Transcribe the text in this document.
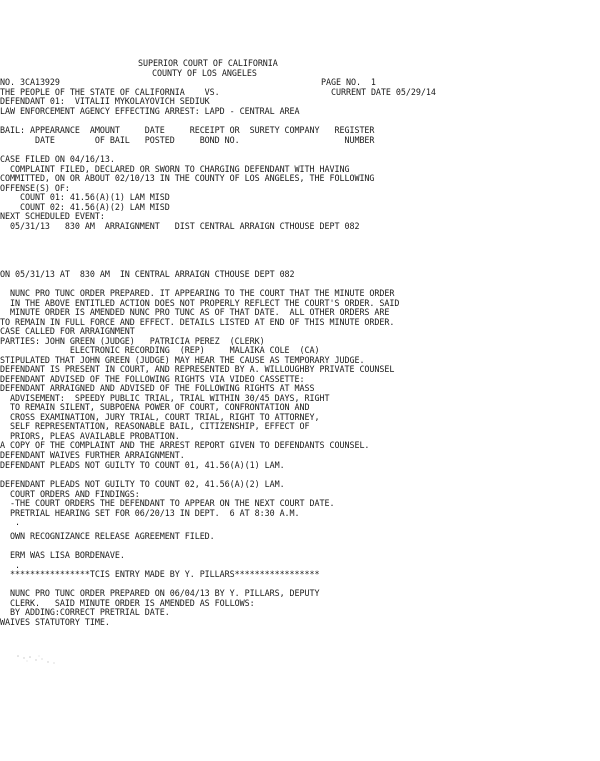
SUPERIOR COURT OF CALIFORNIA
COUNTY OF LOS ANGELES
NO. 3CA13929	PAGE NO.  1
THE PEOPLE OF THE STATE OF CALIFORNIA    VS.	CURRENT DATE 05/29/14
DEFENDANT 01:  VITALII MYKOLAYOVICH SEDIUK
LAW ENFORCEMENT AGENCY EFFECTING ARREST: LAPD - CENTRAL AREA
BAIL: APPEARANCE  AMOUNT     DATE     RECEIPT OR  SURETY COMPANY   REGISTER
DATE        OF BAIL   POSTED     BOND NO.                     NUMBER
CASE FILED ON 04/16/13.
COMPLAINT FILED, DECLARED OR SWORN TO CHARGING DEFENDANT WITH HAVING
COMMITTED, ON OR ABOUT 02/10/13 IN THE COUNTY OF LOS ANGELES, THE FOLLOWING
OFFENSE(S) OF:
COUNT 01: 41.56(A)(1) LAM MISD
COUNT 02: 41.56(A)(2) LAM MISD
NEXT SCHEDULED EVENT:
05/31/13   830 AM  ARRAIGNMENT   DIST CENTRAL ARRAIGN CTHOUSE DEPT 082
ON 05/31/13 AT  830 AM  IN CENTRAL ARRAIGN CTHOUSE DEPT 082
NUNC PRO TUNC ORDER PREPARED. IT APPEARING TO THE COURT THAT THE MINUTE ORDER
IN THE ABOVE ENTITLED ACTION DOES NOT PROPERLY REFLECT THE COURT'S ORDER. SAID
MINUTE ORDER IS AMENDED NUNC PRO TUNC AS OF THAT DATE.  ALL OTHER ORDERS ARE
TO REMAIN IN FULL FORCE AND EFFECT. DETAILS LISTED AT END OF THIS MINUTE ORDER.
CASE CALLED FOR ARRAIGNMENT
PARTIES: JOHN GREEN (JUDGE)   PATRICIA PEREZ  (CLERK)
ELECTRONIC RECORDING  (REP)     MALAIKA COLE  (CA)
STIPULATED THAT JOHN GREEN (JUDGE) MAY HEAR THE CAUSE AS TEMPORARY JUDGE.
DEFENDANT IS PRESENT IN COURT, AND REPRESENTED BY A. WILLOUGHBY PRIVATE COUNSEL
DEFENDANT ADVISED OF THE FOLLOWING RIGHTS VIA VIDEO CASSETTE:
DEFENDANT ARRAIGNED AND ADVISED OF THE FOLLOWING RIGHTS AT MASS
ADVISEMENT:  SPEEDY PUBLIC TRIAL, TRIAL WITHIN 30/45 DAYS, RIGHT
TO REMAIN SILENT, SUBPOENA POWER OF COURT, CONFRONTATION AND
CROSS EXAMINATION, JURY TRIAL, COURT TRIAL, RIGHT TO ATTORNEY,
SELF REPRESENTATION, REASONABLE BAIL, CITIZENSHIP, EFFECT OF
PRIORS, PLEAS AVAILABLE PROBATION.
A COPY OF THE COMPLAINT AND THE ARREST REPORT GIVEN TO DEFENDANTS COUNSEL.
DEFENDANT WAIVES FURTHER ARRAIGNMENT.
DEFENDANT PLEADS NOT GUILTY TO COUNT 01, 41.56(A)(1) LAM.
DEFENDANT PLEADS NOT GUILTY TO COUNT 02, 41.56(A)(2) LAM.
COURT ORDERS AND FINDINGS:
-THE COURT ORDERS THE DEFENDANT TO APPEAR ON THE NEXT COURT DATE.
PRETRIAL HEARING SET FOR 06/20/13 IN DEPT.  6 AT 8:30 A.M.
.
OWN RECOGNIZANCE RELEASE AGREEMENT FILED.
ERM WAS LISA BORDENAVE.
.
****************TCIS ENTRY MADE BY Y. PILLARS*****************
NUNC PRO TUNC ORDER PREPARED ON 06/04/13 BY Y. PILLARS, DEPUTY
CLERK.   SAID MINUTE ORDER IS AMENDED AS FOLLOWS:
BY ADDING:CORRECT PRETRIAL DATE.
WAIVES STATUTORY TIME.
